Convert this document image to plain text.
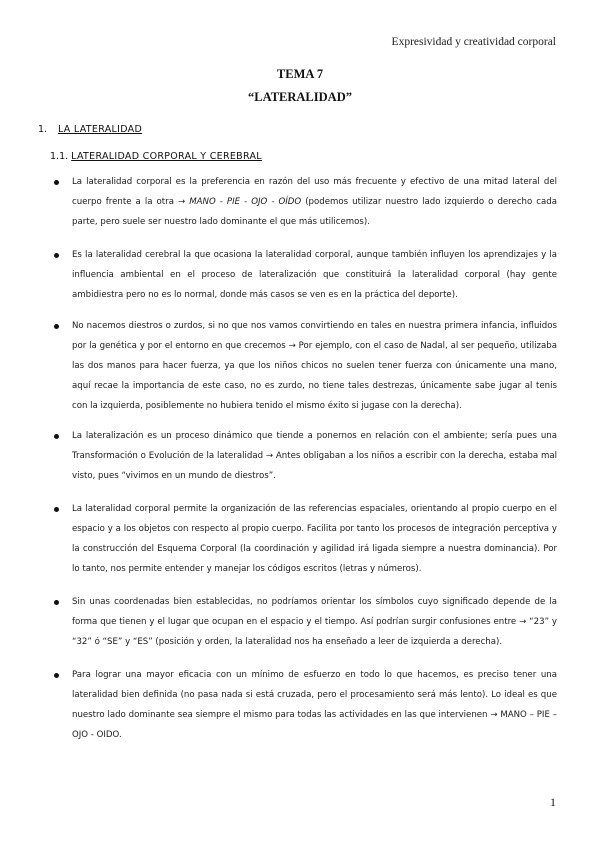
Expresividad y creatividad corporal
TEMA 7
“LATERALIDAD”
1. LA LATERALIDAD
1.1. LATERALIDAD CORPORAL Y CEREBRAL
La lateralidad corporal es la preferencia en razón del uso más frecuente y efectivo de una mitad lateral del cuerpo frente a la otra → MANO - PIE - OJO - OÍDO (podemos utilizar nuestro lado izquierdo o derecho cada parte, pero suele ser nuestro lado dominante el que más utilicemos).
Es la lateralidad cerebral la que ocasiona la lateralidad corporal, aunque también influyen los aprendizajes y la influencia ambiental en el proceso de lateralización que constituirá la lateralidad corporal (hay gente ambidiestra pero no es lo normal, donde más casos se ven es en la práctica del deporte).
No nacemos diestros o zurdos, si no que nos vamos convirtiendo en tales en nuestra primera infancia, influidos por la genética y por el entorno en que crecemos → Por ejemplo, con el caso de Nadal, al ser pequeño, utilizaba las dos manos para hacer fuerza, ya que los niños chicos no suelen tener fuerza con únicamente una mano, aquí recae la importancia de este caso, no es zurdo, no tiene tales destrezas, únicamente sabe jugar al tenis con la izquierda, posiblemente no hubiera tenido el mismo éxito si jugase con la derecha).
La lateralización es un proceso dinámico que tiende a ponernos en relación con el ambiente; sería pues una Transformación o Evolución de la lateralidad → Antes obligaban a los niños a escribir con la derecha, estaba mal visto, pues “vivimos en un mundo de diestros”.
La lateralidad corporal permite la organización de las referencias espaciales, orientando al propio cuerpo en el espacio y a los objetos con respecto al propio cuerpo. Facilita por tanto los procesos de integración perceptiva y la construcción del Esquema Corporal (la coordinación y agilidad irá ligada siempre a nuestra dominancia). Por lo tanto, nos permite entender y manejar los códigos escritos (letras y números).
Sin unas coordenadas bien establecidas, no podríamos orientar los símbolos cuyo significado depende de la forma que tienen y el lugar que ocupan en el espacio y el tiempo. Así podrían surgir confusiones entre → “23” y “32” ó “SE” y “ES” (posición y orden, la lateralidad nos ha enseñado a leer de izquierda a derecha).
Para lograr una mayor eficacia con un mínimo de esfuerzo en todo lo que hacemos, es preciso tener una lateralidad bien definida (no pasa nada si está cruzada, pero el procesamiento será más lento). Lo ideal es que nuestro lado dominante sea siempre el mismo para todas las actividades en las que intervienen → MANO – PIE – OJO - OIDO.
1
